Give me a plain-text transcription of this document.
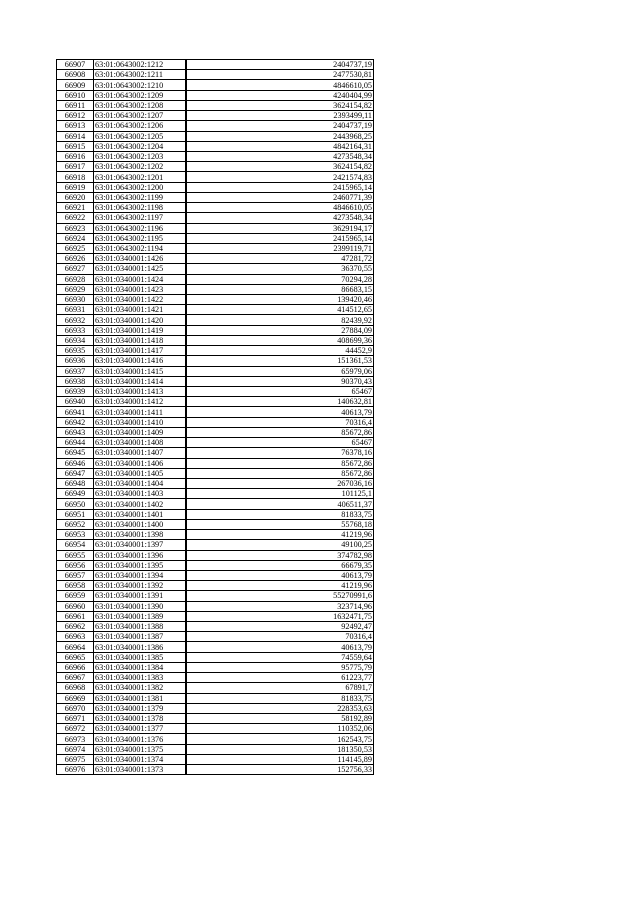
66907	63:01:0643002:1212	2404737,19
66908	63:01:0643002:1211	2477530,81
66909	63:01:0643002:1210	4846610,05
66910	63:01:0643002:1209	4240404,99
66911	63:01:0643002:1208	3624154,82
66912	63:01:0643002:1207	2393499,11
66913	63:01:0643002:1206	2404737,19
66914	63:01:0643002:1205	2443968,25
66915	63:01:0643002:1204	4842164,31
66916	63:01:0643002:1203	4273548,34
66917	63:01:0643002:1202	3624154,82
66918	63:01:0643002:1201	2421574,83
66919	63:01:0643002:1200	2415965,14
66920	63:01:0643002:1199	2460771,39
66921	63:01:0643002:1198	4846610,05
66922	63:01:0643002:1197	4273548,34
66923	63:01:0643002:1196	3629194,17
66924	63:01:0643002:1195	2415965,14
66925	63:01:0643002:1194	2399119,71
66926	63:01:0340001:1426	47281,72
66927	63:01:0340001:1425	36370,55
66928	63:01:0340001:1424	70294,28
66929	63:01:0340001:1423	86683,15
66930	63:01:0340001:1422	139420,46
66931	63:01:0340001:1421	414512,65
66932	63:01:0340001:1420	82439,92
66933	63:01:0340001:1419	27884,09
66934	63:01:0340001:1418	408699,36
66935	63:01:0340001:1417	44452,9
66936	63:01:0340001:1416	151361,53
66937	63:01:0340001:1415	65979,06
66938	63:01:0340001:1414	90370,43
66939	63:01:0340001:1413	65467
66940	63:01:0340001:1412	140632,81
66941	63:01:0340001:1411	40613,79
66942	63:01:0340001:1410	70316,4
66943	63:01:0340001:1409	85672,86
66944	63:01:0340001:1408	65467
66945	63:01:0340001:1407	76378,16
66946	63:01:0340001:1406	85672,86
66947	63:01:0340001:1405	85672,86
66948	63:01:0340001:1404	267036,16
66949	63:01:0340001:1403	101125,1
66950	63:01:0340001:1402	406511,37
66951	63:01:0340001:1401	81833,75
66952	63:01:0340001:1400	55768,18
66953	63:01:0340001:1398	41219,96
66954	63:01:0340001:1397	49100,25
66955	63:01:0340001:1396	374782,98
66956	63:01:0340001:1395	66679,35
66957	63:01:0340001:1394	40613,79
66958	63:01:0340001:1392	41219,96
66959	63:01:0340001:1391	55270991,6
66960	63:01:0340001:1390	323714,96
66961	63:01:0340001:1389	1632471,75
66962	63:01:0340001:1388	92492,47
66963	63:01:0340001:1387	70316,4
66964	63:01:0340001:1386	40613,79
66965	63:01:0340001:1385	74559,64
66966	63:01:0340001:1384	95775,79
66967	63:01:0340001:1383	61223,77
66968	63:01:0340001:1382	67891,7
66969	63:01:0340001:1381	81833,75
66970	63:01:0340001:1379	228353,63
66971	63:01:0340001:1378	58192,89
66972	63:01:0340001:1377	110352,06
66973	63:01:0340001:1376	162543,75
66974	63:01:0340001:1375	181350,53
66975	63:01:0340001:1374	114145,89
66976	63:01:0340001:1373	152756,33
